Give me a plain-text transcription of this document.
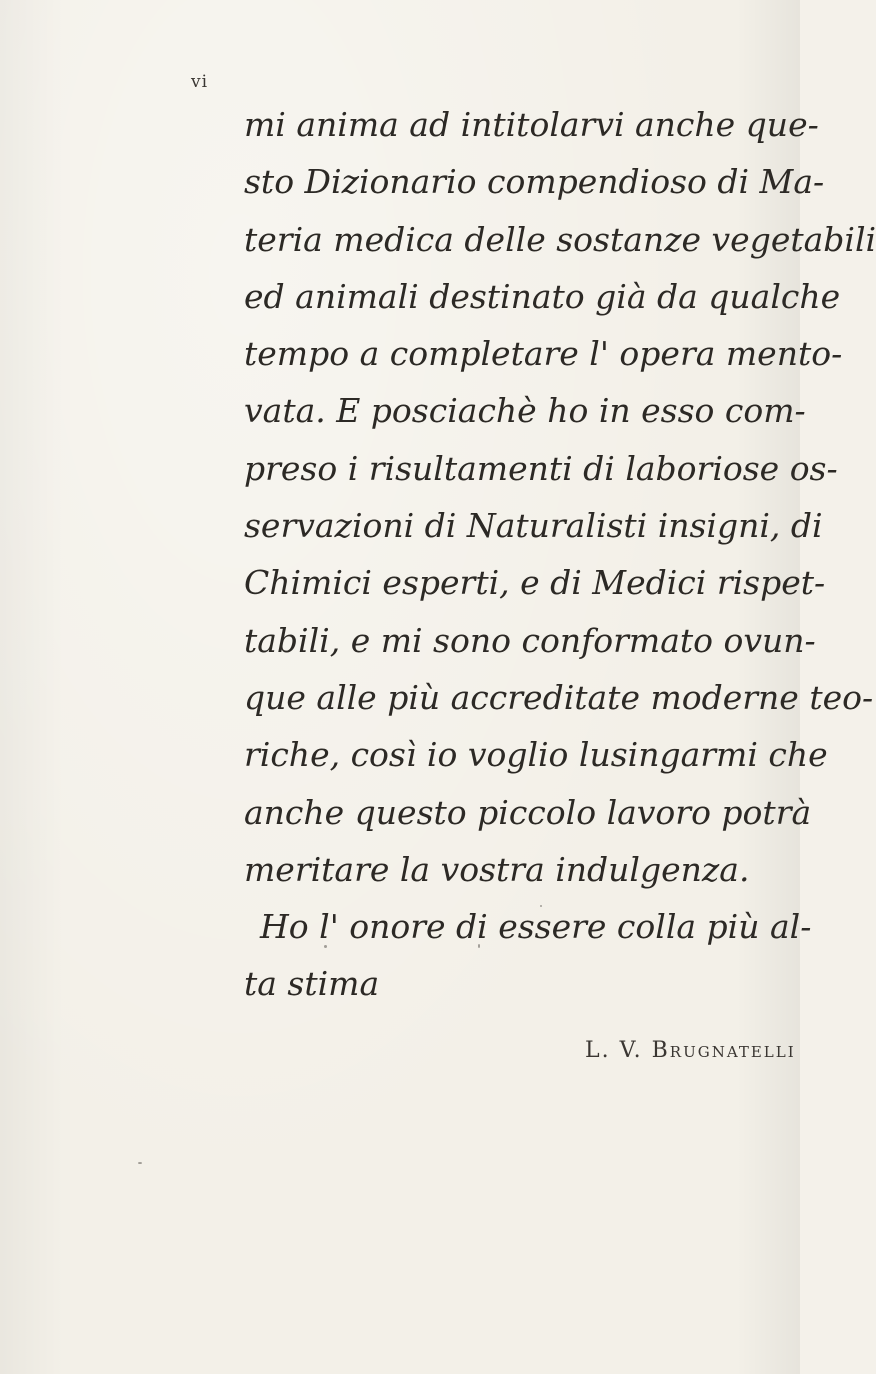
vi
mi anima ad intitolarvi anche que-
sto Dizionario compendioso di Ma-
teria medica delle sostanze vegetabili
ed animali destinato già da qualche
tempo a completare l' opera mento-
vata. E posciachè ho in esso com-
preso i risultamenti di laboriose os-
servazioni di Naturalisti insigni, di
Chimici esperti, e di Medici rispet-
tabili, e mi sono conformato ovun-
que alle più accreditate moderne teo-
riche, così io voglio lusingarmi che
anche questo piccolo lavoro potrà
meritare la vostra indulgenza.
Ho l' onore di essere colla più al-
ta stima
L. V. Brugnatelli
